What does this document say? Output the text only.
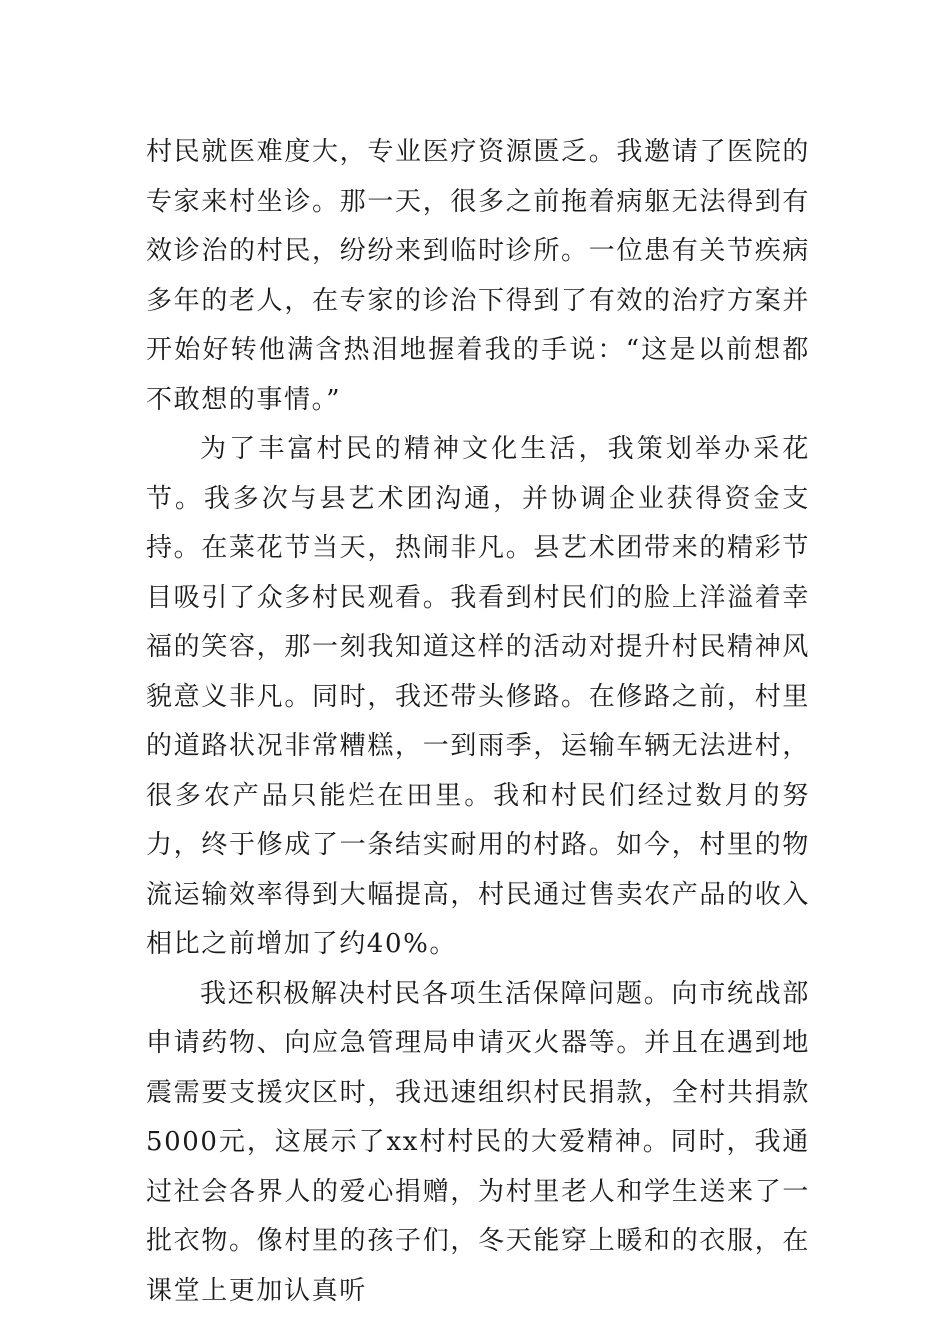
村民就医难度大，专业医疗资源匮乏。我邀请了医院的专家来村坐诊。那一天，很多之前拖着病躯无法得到有效诊治的村民，纷纷来到临时诊所。一位患有关节疾病多年的老人，在专家的诊治下得到了有效的治疗方案并开始好转他满含热泪地握着我的手说：“这是以前想都不敢想的事情。”

为了丰富村民的精神文化生活，我策划举办采花节。我多次与县艺术团沟通，并协调企业获得资金支持。在菜花节当天，热闹非凡。县艺术团带来的精彩节目吸引了众多村民观看。我看到村民们的脸上洋溢着幸福的笑容，那一刻我知道这样的活动对提升村民精神风貌意义非凡。同时，我还带头修路。在修路之前，村里的道路状况非常糟糕，一到雨季，运输车辆无法进村，很多农产品只能烂在田里。我和村民们经过数月的努力，终于修成了一条结实耐用的村路。如今，村里的物流运输效率得到大幅提高，村民通过售卖农产品的收入相比之前增加了约40%。

我还积极解决村民各项生活保障问题。向市统战部申请药物、向应急管理局申请灭火器等。并且在遇到地震需要支援灾区时，我迅速组织村民捐款，全村共捐款5000元，这展示了xx村村民的大爱精神。同时，我通过社会各界人的爱心捐赠，为村里老人和学生送来了一批衣物。像村里的孩子们，冬天能穿上暖和的衣服，在课堂上更加认真听
